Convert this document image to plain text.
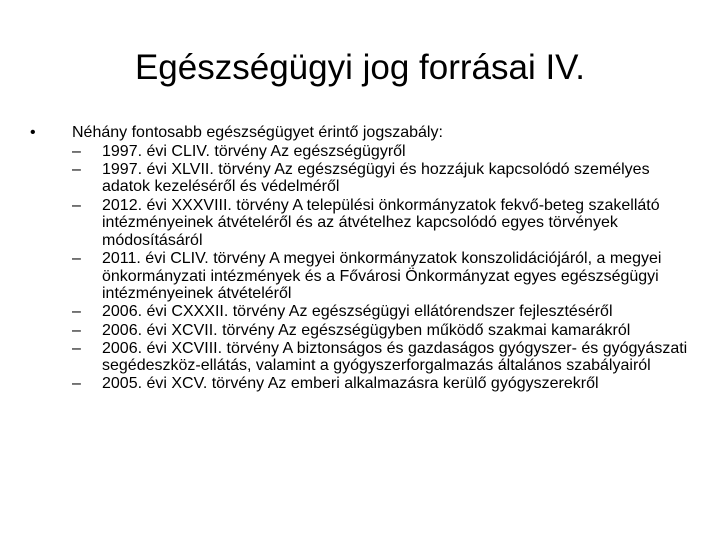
Egészségügyi jog forrásai IV.
•	Néhány fontosabb egészségügyet érintő jogszabály:
–	1997. évi CLIV. törvény Az egészségügyről
–	1997. évi XLVII. törvény Az egészségügyi és hozzájuk kapcsolódó személyes adatok kezeléséről és védelméről
–	2012. évi XXXVIII. törvény A települési önkormányzatok fekvő-beteg szakellátó intézményeinek átvételéről és az átvételhez kapcsolódó egyes törvények módosításáról
–	2011. évi CLIV. törvény A megyei önkormányzatok konszolidációjáról, a megyei önkormányzati intézmények és a Fővárosi Önkormányzat egyes egészségügyi intézményeinek átvételéről
–	2006. évi CXXXII. törvény Az egészségügyi ellátórendszer fejlesztéséről
–	2006. évi XCVII. törvény Az egészségügyben működő szakmai kamarákról
–	2006. évi XCVIII. törvény A biztonságos és gazdaságos gyógyszer- és gyógyászati segédeszköz-ellátás, valamint a gyógyszerforgalmazás általános szabályairól
–	2005. évi XCV. törvény Az emberi alkalmazásra kerülő gyógyszerekről
